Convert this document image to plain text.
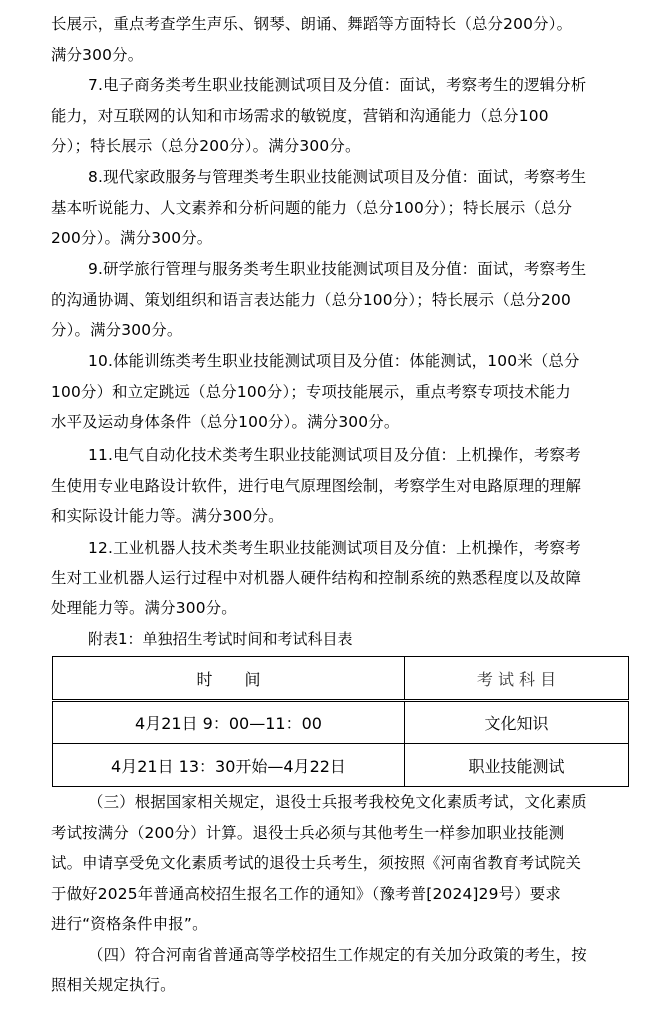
长展示，重点考查学生声乐、钢琴、朗诵、舞蹈等方面特长（总分200分）。
满分300分。
7.电子商务类考生职业技能测试项目及分值：面试，考察考生的逻辑分析
能力，对互联网的认知和市场需求的敏锐度，营销和沟通能力（总分100
分）；特长展示（总分200分）。满分300分。
8.现代家政服务与管理类考生职业技能测试项目及分值：面试，考察考生
基本听说能力、人文素养和分析问题的能力（总分100分）；特长展示（总分
200分）。满分300分。
9.研学旅行管理与服务类考生职业技能测试项目及分值：面试，考察考生
的沟通协调、策划组织和语言表达能力（总分100分）；特长展示（总分200
分）。满分300分。
10.体能训练类考生职业技能测试项目及分值：体能测试，100米（总分
100分）和立定跳远（总分100分）；专项技能展示，重点考察专项技术能力
水平及运动身体条件（总分100分）。满分300分。
11.电气自动化技术类考生职业技能测试项目及分值：上机操作，考察考
生使用专业电路设计软件，进行电气原理图绘制，考察学生对电路原理的理解
和实际设计能力等。满分300分。
12.工业机器人技术类考生职业技能测试项目及分值：上机操作，考察考
生对工业机器人运行过程中对机器人硬件结构和控制系统的熟悉程度以及故障
处理能力等。满分300分。
附表1：单独招生考试时间和考试科目表
时　　间	考 试 科 目
4月21日 9：00—11：00	文化知识
4月21日 13：30开始—4月22日	职业技能测试
（三）根据国家相关规定，退役士兵报考我校免文化素质考试，文化素质
考试按满分（200分）计算。退役士兵必须与其他考生一样参加职业技能测
试。申请享受免文化素质考试的退役士兵考生，须按照《河南省教育考试院关
于做好2025年普通高校招生报名工作的通知》（豫考普[2024]29号）要求
进行“资格条件申报”。
（四）符合河南省普通高等学校招生工作规定的有关加分政策的考生，按
照相关规定执行。
